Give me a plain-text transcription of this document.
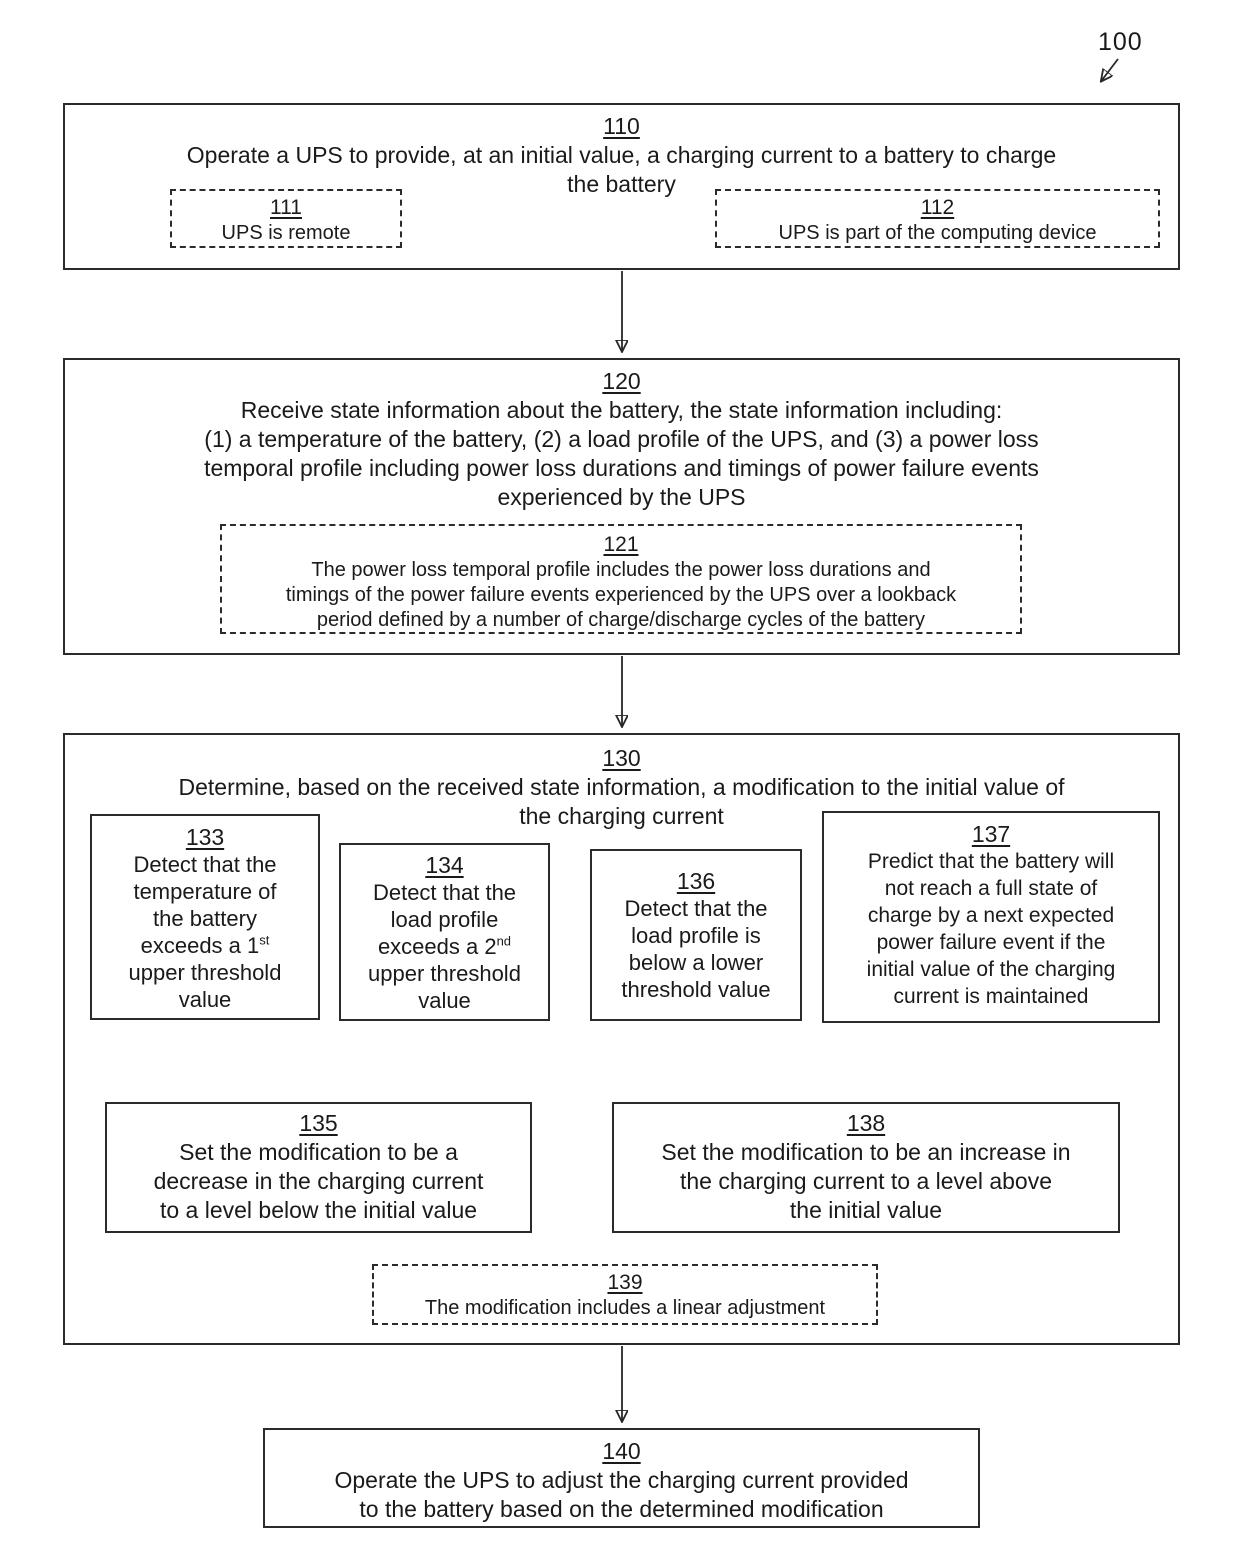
100
110
Operate a UPS to provide, at an initial value, a charging current to a battery to charge
the battery
111
UPS is remote
112
UPS is part of the computing device
120
Receive state information about the battery, the state information including:
(1) a temperature of the battery, (2) a load profile of the UPS, and (3) a power loss
temporal profile including power loss durations and timings of power failure events
experienced by the UPS
121
The power loss temporal profile includes the power loss durations and
timings of the power failure events experienced by the UPS over a lookback
period defined by a number of charge/discharge cycles of the battery
130
Determine, based on the received state information, a modification to the initial value of
the charging current
133
Detect that the
temperature of
the battery
exceeds a 1st
upper threshold
value
134
Detect that the
load profile
exceeds a 2nd
upper threshold
value
136
Detect that the
load profile is
below a lower
threshold value
137
Predict that the battery will
not reach a full state of
charge by a next expected
power failure event if the
initial value of the charging
current is maintained
135
Set the modification to be a
decrease in the charging current
to a level below the initial value
138
Set the modification to be an increase in
the charging current to a level above
the initial value
139
The modification includes a linear adjustment
140
Operate the UPS to adjust the charging current provided
to the battery based on the determined modification
